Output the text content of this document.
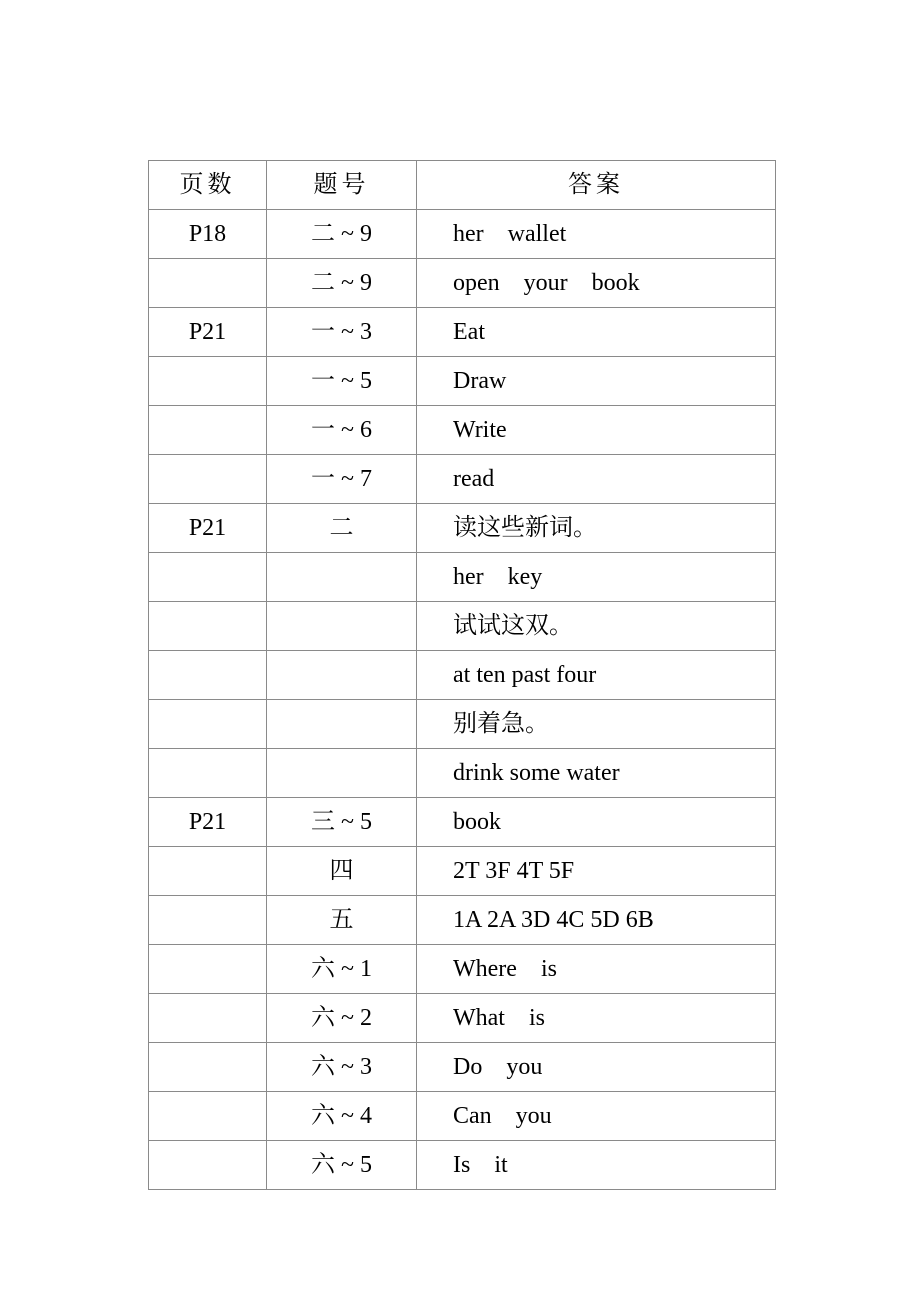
页数	题号	答案
P18	二 ~ 9	her    wallet
	二 ~ 9	open    your    book
P21	一 ~ 3	Eat
	一 ~ 5	Draw
	一 ~ 6	Write
	一 ~ 7	read
P21	二	读这些新词。
		her    key
		试试这双。
		at ten past four
		别着急。
		drink some water
P21	三 ~ 5	book
	四	2T 3F 4T 5F
	五	1A 2A 3D 4C 5D 6B
	六 ~ 1	Where    is
	六 ~ 2	What    is
	六 ~ 3	Do    you
	六 ~ 4	Can    you
	六 ~ 5	Is    it
